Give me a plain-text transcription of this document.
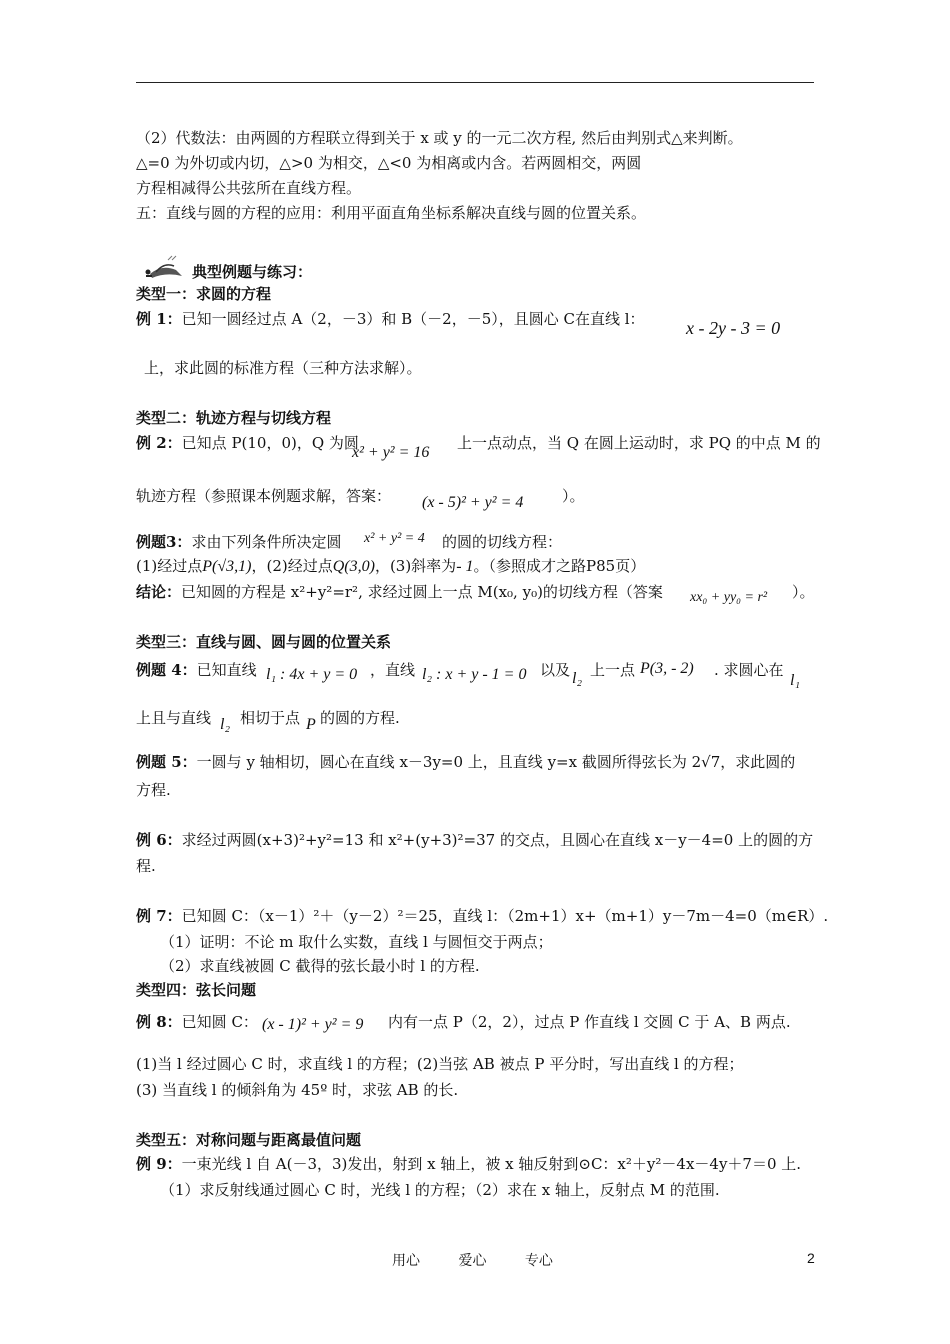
（2）代数法：由两圆的方程联立得到关于 x 或 y 的一元二次方程, 然后由判别式△来判断。
△=0 为外切或内切，△>0 为相交，△<0 为相离或内含。若两圆相交，两圆
方程相减得公共弦所在直线方程。
五：直线与圆的方程的应用：利用平面直角坐标系解决直线与圆的位置关系。
典型例题与练习：
类型一：求圆的方程
例 1：已知一圆经过点 A（2，－3）和 B（－2，－5），且圆心 C在直线 l： x - 2y - 3 = 0
上，求此圆的标准方程（三种方法求解）。
类型二：轨迹方程与切线方程
例 2：已知点 P(10，0)，Q 为圆
x² + y² = 16
上一点动点，当 Q 在圆上运动时，求 PQ 的中点 M 的
轨迹方程（参照课本例题求解，答案： (x - 5)² + y² = 4	）。
例题3：求由下列条件所决定圆 x² + y² = 4 的圆的切线方程：
(1)经过点P(√3,1)，(2)经过点Q(3,0)，(3)斜率为- 1。（参照成才之路P85页）
结论：已知圆的方程是 x²+y²=r², 求经过圆上一点 M(x₀, y₀)的切线方程（答案 xx₀ + yy₀ = r² ）。
类型三：直线与圆、圆与圆的位置关系
例题 4：已知直线 l₁ : 4x + y = 0 ，直线 l₂ : x + y - 1 = 0 以及 l₂ 上一点 P(3, - 2) . 求圆心在
l₁
上且与直线 l₂ 相切于点 P 的圆的方程.
例题 5：一圆与 y 轴相切，圆心在直线 x－3y=0 上，且直线 y=x 截圆所得弦长为 2√7，求此圆的
方程.
例 6：求经过两圆(x+3)²+y²=13 和 x²+(y+3)²=37 的交点，且圆心在直线 x－y－4=0 上的圆的方
程.
例 7：已知圆 C：（x－1）²＋（y－2）²＝25，直线 l：（2m+1）x+（m+1）y－7m－4=0（m∈R）.
（1）证明：不论 m 取什么实数，直线 l 与圆恒交于两点；
（2）求直线被圆 C 截得的弦长最小时 l 的方程.
类型四：弦长问题
例 8：已知圆 C： (x - 1)² + y² = 9 内有一点 P（2，2），过点 P 作直线 l 交圆 C 于 A、B 两点.
(1)当 l 经过圆心 C 时，求直线 l 的方程；(2)当弦 AB 被点 P 平分时，写出直线 l 的方程；
(3) 当直线 l 的倾斜角为 45º 时，求弦 AB 的长.
类型五：对称问题与距离最值问题
例 9：一束光线 l 自 A(－3，3)发出，射到 x 轴上，被 x 轴反射到⊙C：x²＋y²－4x－4y＋7＝0 上.
（1）求反射线通过圆心 C 时，光线 l 的方程；（2）求在 x 轴上，反射点 M 的范围.
用心	爱心	专心	2
